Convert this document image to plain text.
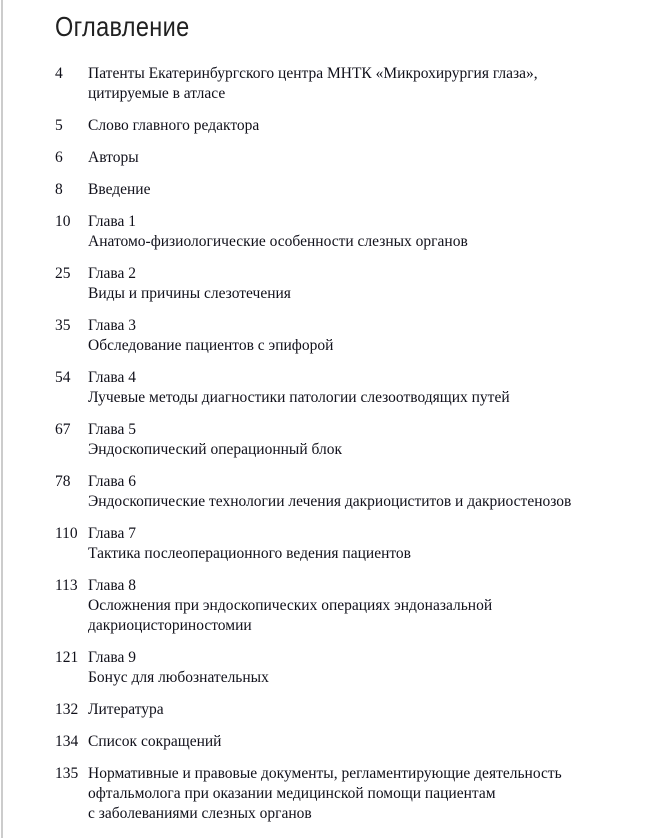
Оглавление
4	Патенты Екатеринбургского центра МНТК «Микрохирургия глаза»,
цитируемые в атласе
5	Слово главного редактора
6	Авторы
8	Введение
10	Глава 1
Анатомо-физиологические особенности слезных органов
25	Глава 2
Виды и причины слезотечения
35	Глава 3
Обследование пациентов с эпифорой
54	Глава 4
Лучевые методы диагностики патологии слезоотводящих путей
67	Глава 5
Эндоскопический операционный блок
78	Глава 6
Эндоскопические технологии лечения дакриоциститов и дакриостенозов
110 Глава 7
Тактика послеоперационного ведения пациентов
113 Глава 8
Осложнения при эндоскопических операциях эндоназальной
дакриоцисториностомии
121 Глава 9
Бонус для любознательных
132 Литература
134 Список сокращений
135 Нормативные и правовые документы, регламентирующие деятельность
офтальмолога при оказании медицинской помощи пациентам
с заболеваниями слезных органов
